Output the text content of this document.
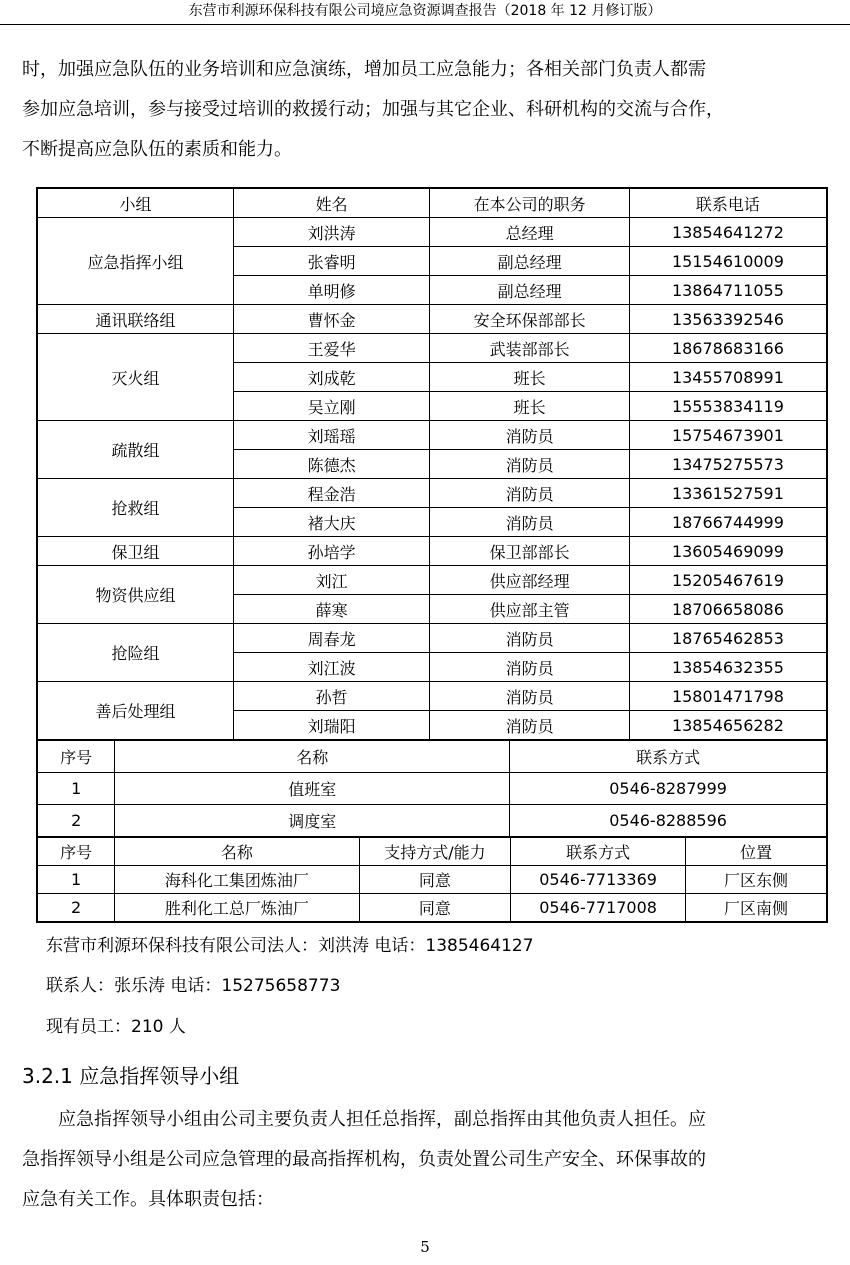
东营市利源环保科技有限公司境应急资源调查报告（2018 年 12 月修订版）

时，加强应急队伍的业务培训和应急演练，增加员工应急能力；各相关部门负责人都需

参加应急培训，参与接受过培训的救援行动；加强与其它企业、科研机构的交流与合作，

不断提高应急队伍的素质和能力。

小组	姓名	在本公司的职务	联系电话
应急指挥小组	刘洪涛	总经理	13854641272
	张睿明	副总经理	15154610009
	单明修	副总经理	13864711055
通讯联络组	曹怀金	安全环保部部长	13563392546
灭火组	王爱华	武装部部长	18678683166
	刘成乾	班长	13455708991
	吴立刚	班长	15553834119
疏散组	刘瑶瑶	消防员	15754673901
	陈德杰	消防员	13475275573
抢救组	程金浩	消防员	13361527591
	褚大庆	消防员	18766744999
保卫组	孙培学	保卫部部长	13605469099
物资供应组	刘江	供应部经理	15205467619
	薛寒	供应部主管	18706658086
抢险组	周春龙	消防员	18765462853
	刘江波	消防员	13854632355
善后处理组	孙哲	消防员	15801471798
	刘瑞阳	消防员	13854656282
序号	名称	联系方式
1	值班室	0546-8287999
2	调度室	0546-8288596
序号	名称	支持方式/能力	联系方式	位置
1	海科化工集团炼油厂	同意	0546-7713369	厂区东侧
2	胜利化工总厂炼油厂	同意	0546-7717008	厂区南侧
东营市利源环保科技有限公司法人：刘洪涛 电话：1385464127
联系人：张乐涛 电话：15275658773
现有员工：210 人
3.2.1 应急指挥领导小组

　　应急指挥领导小组由公司主要负责人担任总指挥，副总指挥由其他负责人担任。应

急指挥领导小组是公司应急管理的最高指挥机构，负责处置公司生产安全、环保事故的

应急有关工作。具体职责包括：

5
